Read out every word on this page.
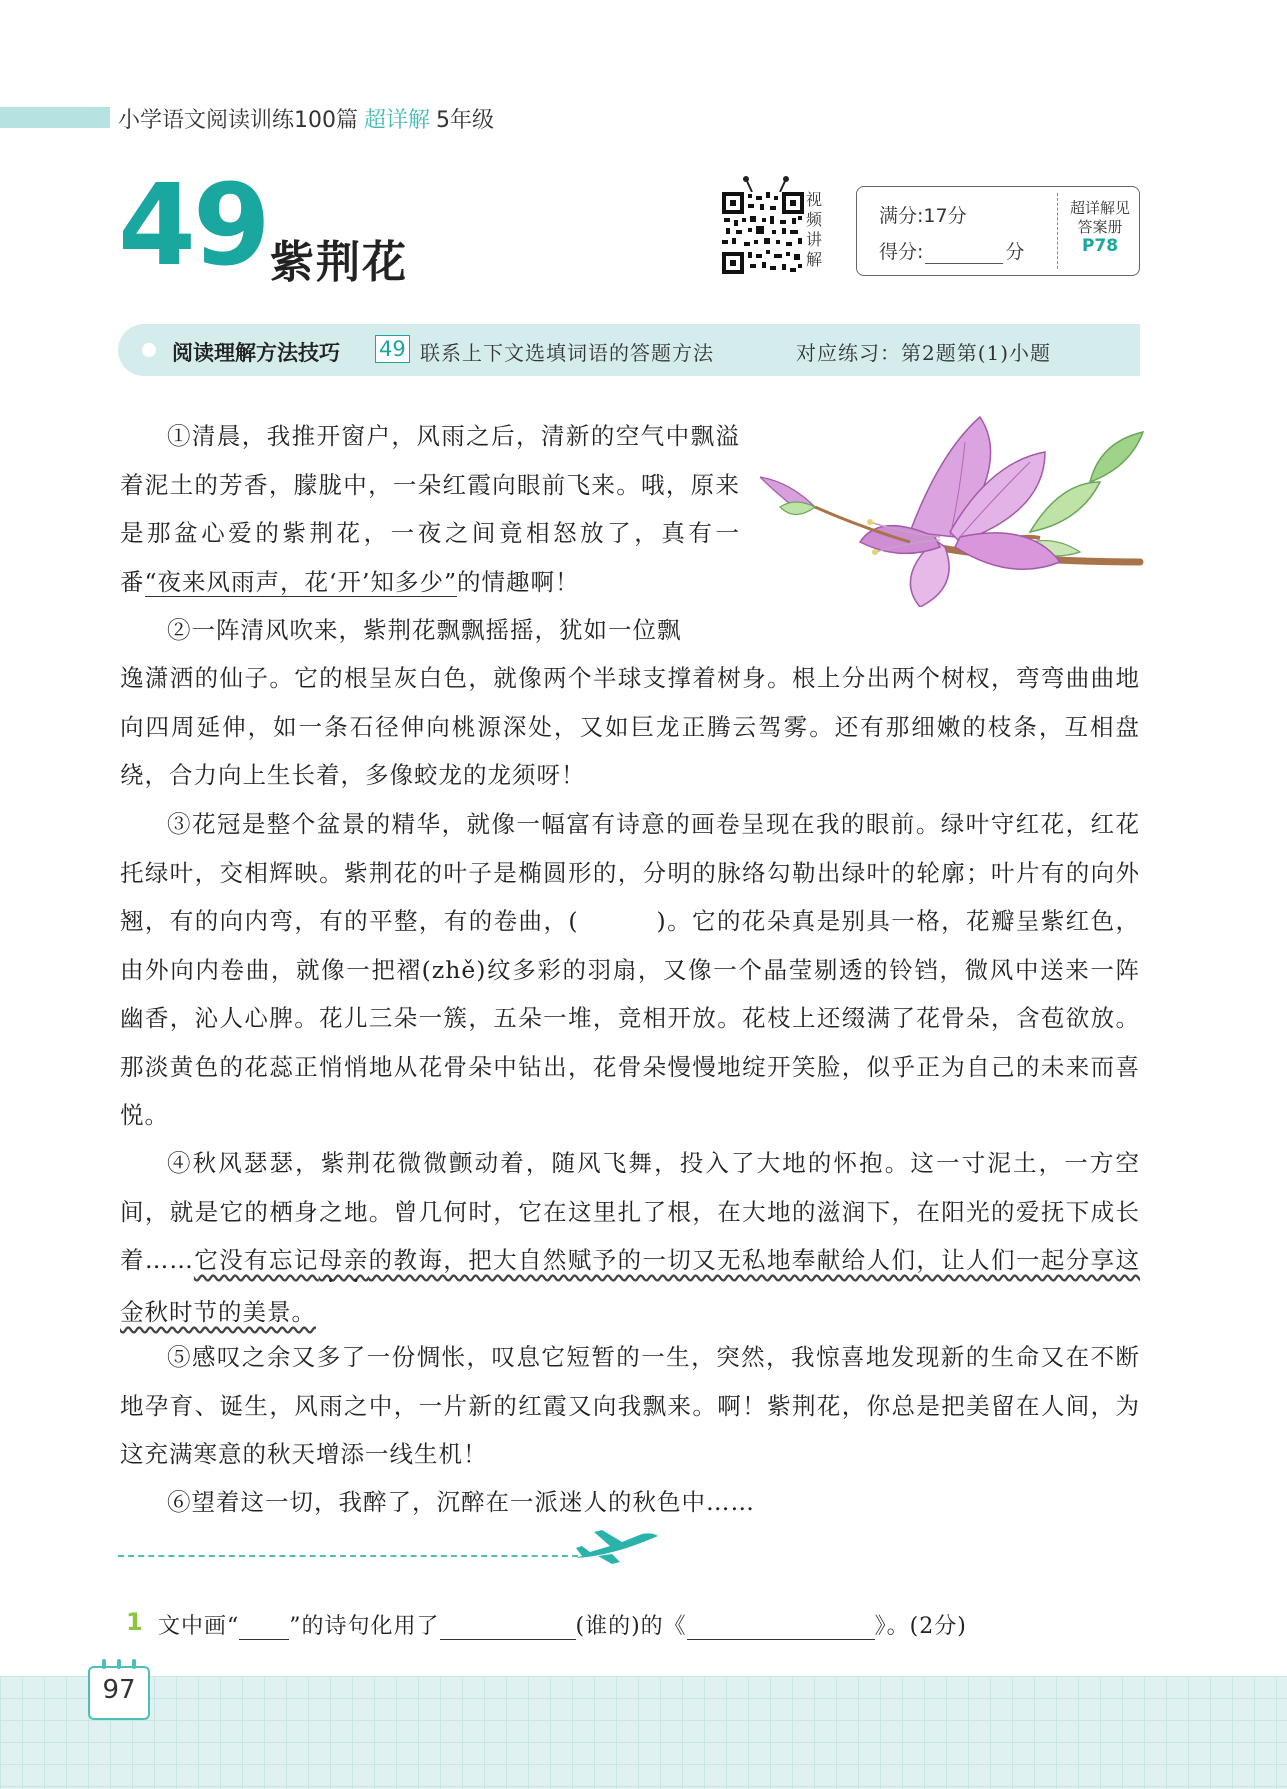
小学语文阅读训练100篇 超详解 5年级
49 紫荆花
视频讲解
满分:17分
得分:	分
超详解见
答案册
P78
阅读理解方法技巧 49 联系上下文选填词语的答题方法	对应练习：第2题第(1)小题
①清晨，我推开窗户，风雨之后，清新的空气中飘溢着泥土的芳香，朦胧中，一朵红霞向眼前飞来。哦，原来是那盆心爱的紫荆花，一夜之间竟相怒放了，真有一番“夜来风雨声，花‘开’知多少”的情趣啊！
②一阵清风吹来，紫荆花飘飘摇摇，犹如一位飘
逸潇洒的仙子。它的根呈灰白色，就像两个半球支撑着树身。根上分出两个树杈，弯弯曲曲地向四周延伸，如一条石径伸向桃源深处，又如巨龙正腾云驾雾。还有那细嫩的枝条，互相盘绕，合力向上生长着，多像蛟龙的龙须呀！
③花冠是整个盆景的精华，就像一幅富有诗意的画卷呈现在我的眼前。绿叶守红花，红花托绿叶，交相辉映。紫荆花的叶子是椭圆形的，分明的脉络勾勒出绿叶的轮廓；叶片有的向外翘，有的向内弯，有的平整，有的卷曲，(	)。它的花朵真是别具一格，花瓣呈紫红色，由外向内卷曲，就像一把褶(zhě)纹多彩的羽扇，又像一个晶莹剔透的铃铛，微风中送来一阵幽香，沁人心脾。花儿三朵一簇，五朵一堆，竞相开放。花枝上还缀满了花骨朵，含苞欲放。那淡黄色的花蕊正悄悄地从花骨朵中钻出，花骨朵慢慢地绽开笑脸，似乎正为自己的未来而喜悦。
④秋风瑟瑟，紫荆花微微颤动着，随风飞舞，投入了大地的怀抱。这一寸泥土，一方空间，就是它的栖身之地。曾几何时，它在这里扎了根，在大地的滋润下，在阳光的爱抚下成长着……它没有忘记母亲的教诲，把大自然赋予的一切又无私地奉献给人们，让人们一起分享这金秋时节的美景。
⑤感叹之余又多了一份惆怅，叹息它短暂的一生，突然，我惊喜地发现新的生命又在不断地孕育、诞生，风雨之中，一片新的红霞又向我飘来。啊！紫荆花，你总是把美留在人间，为这充满寒意的秋天增添一线生机！
⑥望着这一切，我醉了，沉醉在一派迷人的秋色中……
1 文中画“ ”的诗句化用了	(谁的)的《	》。(2分)
97
